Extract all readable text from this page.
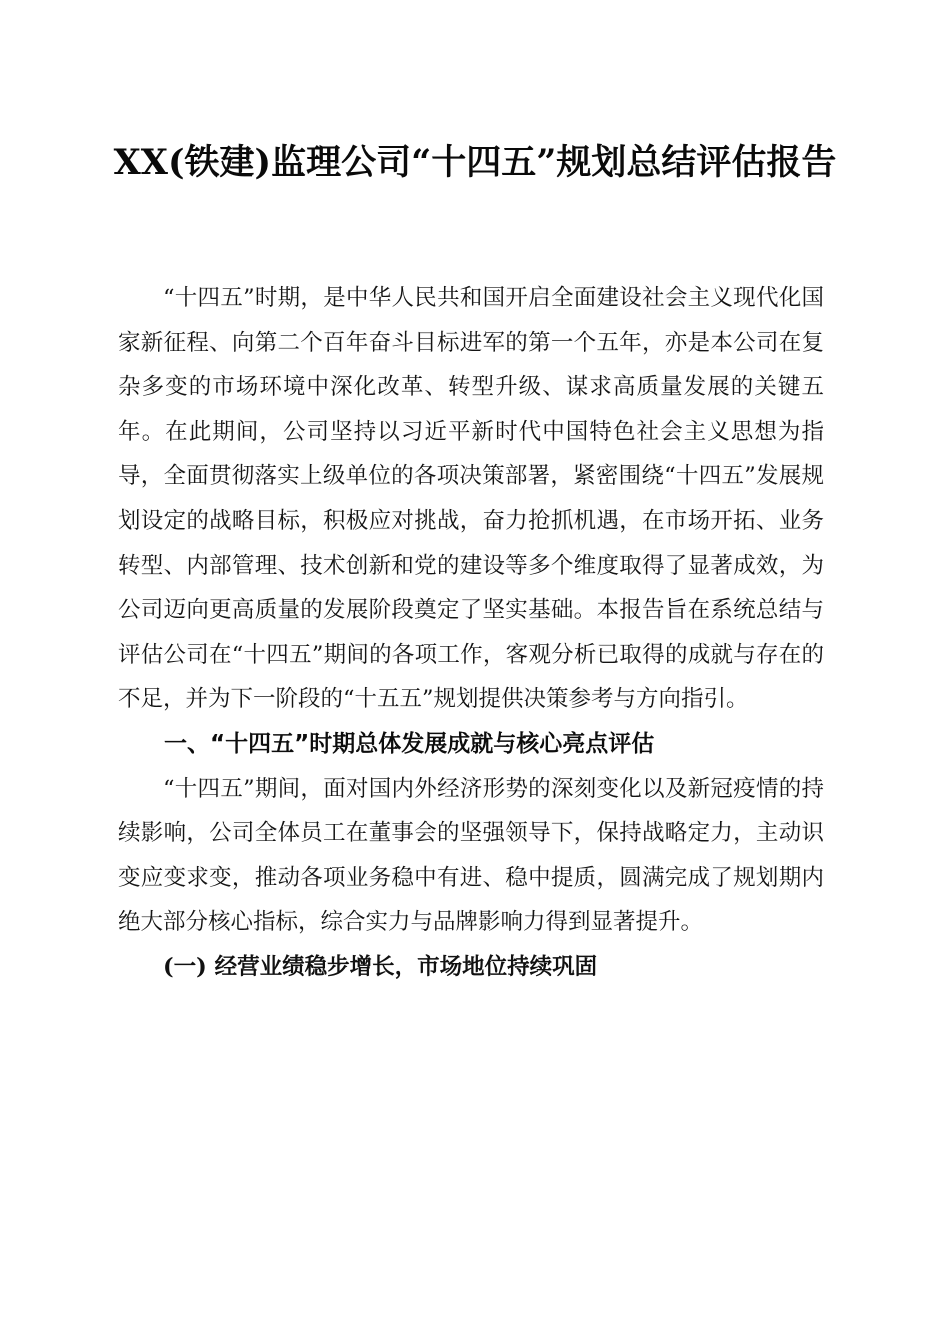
XX(铁建)监理公司“十四五”规划总结评估报告

“十四五”时期，是中华人民共和国开启全面建设社会主义现代化国家新征程、向第二个百年奋斗目标进军的第一个五年，亦是本公司在复杂多变的市场环境中深化改革、转型升级、谋求高质量发展的关键五年。在此期间，公司坚持以习近平新时代中国特色社会主义思想为指导，全面贯彻落实上级单位的各项决策部署，紧密围绕“十四五”发展规划设定的战略目标，积极应对挑战，奋力抢抓机遇，在市场开拓、业务转型、内部管理、技术创新和党的建设等多个维度取得了显著成效，为公司迈向更高质量的发展阶段奠定了坚实基础。本报告旨在系统总结与评估公司在“十四五”期间的各项工作，客观分析已取得的成就与存在的不足，并为下一阶段的“十五五”规划提供决策参考与方向指引。

一、“十四五”时期总体发展成就与核心亮点评估

“十四五”期间，面对国内外经济形势的深刻变化以及新冠疫情的持续影响，公司全体员工在董事会的坚强领导下，保持战略定力，主动识变应变求变，推动各项业务稳中有进、稳中提质，圆满完成了规划期内绝大部分核心指标，综合实力与品牌影响力得到显著提升。

(一) 经营业绩稳步增长，市场地位持续巩固
